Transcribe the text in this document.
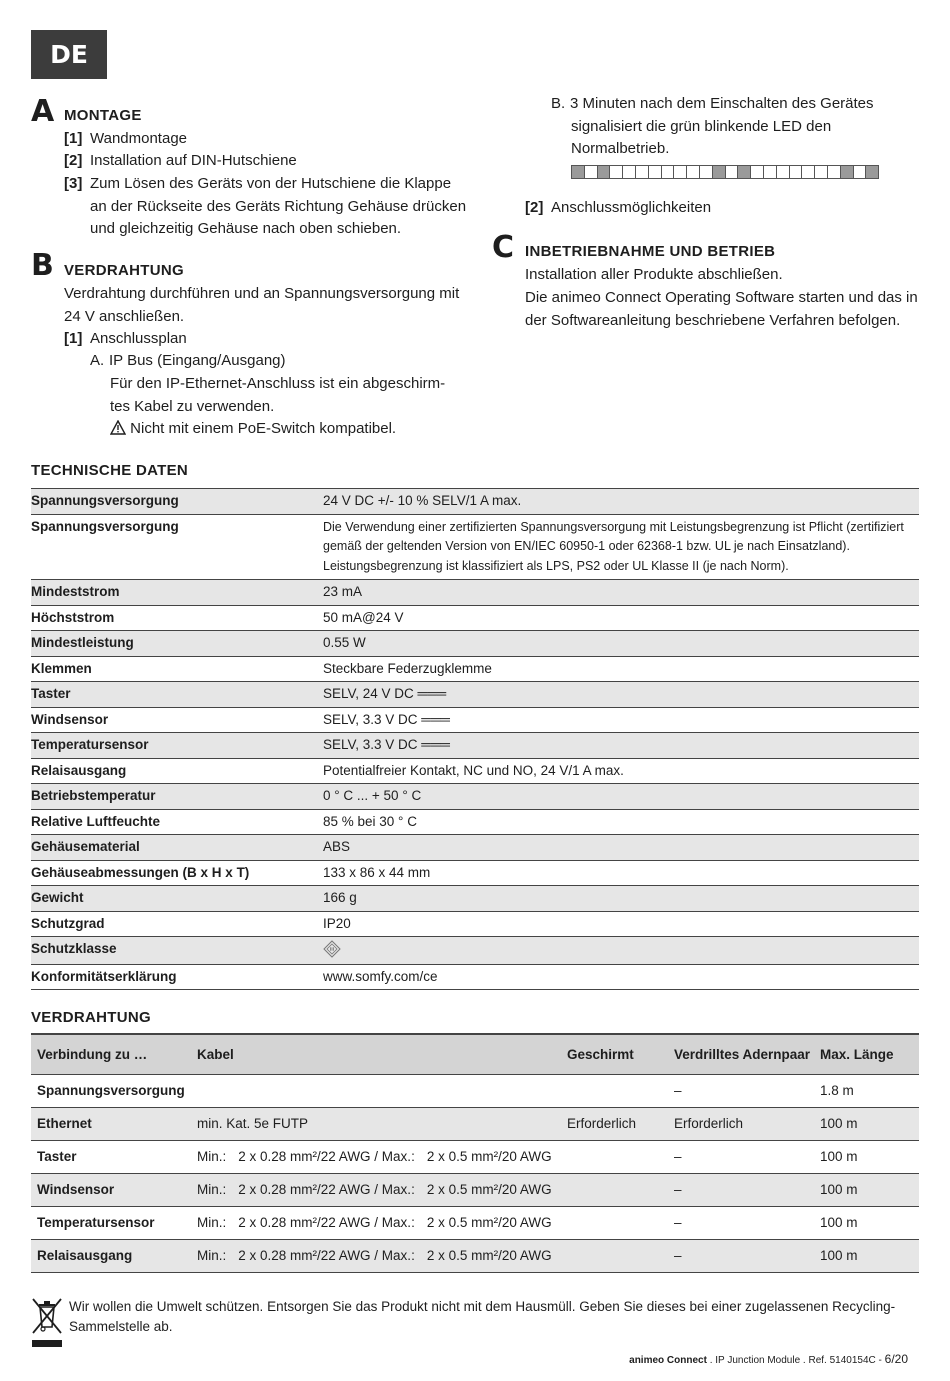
DE
A MONTAGE
[1] Wandmontage
[2] Installation auf DIN-Hutschiene
[3] Zum Lösen des Geräts von der Hutschiene die Klappe
an der Rückseite des Geräts Richtung Gehäuse drücken
und gleichzeitig Gehäuse nach oben schieben.
B VERDRAHTUNG
Verdrahtung durchführen und an Spannungsversorgung mit
24 V anschließen.
[1] Anschlussplan
A. IP Bus (Eingang/Ausgang)
Für den IP-Ethernet-Anschluss ist ein abgeschirm-
tes Kabel zu verwenden.
Nicht mit einem PoE-Switch kompatibel.
B. 3 Minuten nach dem Einschalten des Gerätes
signalisiert die grün blinkende LED den
Normalbetrieb.
[2] Anschlussmöglichkeiten
C INBETRIEBNAHME UND BETRIEB
Installation aller Produkte abschließen.
Die animeo Connect Operating Software starten und das in
der Softwareanleitung beschriebene Verfahren befolgen.
TECHNISCHE DATEN
Spannungsversorgung	24 V DC +/- 10 % SELV/1 A max.
Spannungsversorgung	Die Verwendung einer zertifizierten Spannungsversorgung mit Leistungsbegrenzung ist Pflicht (zertifiziert
gemäß der geltenden Version von EN/IEC 60950-1 oder 62368-1 bzw. UL je nach Einsatzland).
Leistungsbegrenzung ist klassifiziert als LPS, PS2 oder UL Klasse II (je nach Norm).

Mindeststrom	23 mA
Höchststrom	50 mA@24 V
Mindestleistung	0.55 W
Klemmen	Steckbare Federzugklemme
Taster	SELV, 24 V DC ═══
Windsensor	SELV, 3.3 V DC ═══
Temperatursensor	SELV, 3.3 V DC ═══
Relaisausgang	Potentialfreier Kontakt, NC und NO, 24 V/1 A max.
Betriebstemperatur	0 ° C ... + 50 ° C
Relative Luftfeuchte	85 % bei 30 ° C
Gehäusematerial	ABS
Gehäuseabmessungen (B x H x T)	133 x 86 x 44 mm
Gewicht	166 g
Schutzgrad	IP20
Schutzklasse	
Konformitätserklärung	www.somfy.com/ce
VERDRAHTUNG
Verbindung zu …	Kabel	Geschirmt	Verdrilltes Adernpaar	Max. Länge
Spannungsversorgung			–	1.8 m
Ethernet	min. Kat. 5e FUTP	Erforderlich	Erforderlich	100 m
Taster	Min.: 2 x 0.28 mm²/22 AWG / Max.: 2 x 0.5 mm²/20 AWG		–	100 m
Windsensor	Min.: 2 x 0.28 mm²/22 AWG / Max.: 2 x 0.5 mm²/20 AWG		–	100 m
Temperatursensor	Min.: 2 x 0.28 mm²/22 AWG / Max.: 2 x 0.5 mm²/20 AWG		–	100 m
Relaisausgang	Min.: 2 x 0.28 mm²/22 AWG / Max.: 2 x 0.5 mm²/20 AWG		–	100 m
Wir wollen die Umwelt schützen. Entsorgen Sie das Produkt nicht mit dem Hausmüll. Geben Sie dieses bei einer zugelassenen Recycling-
Sammelstelle ab.
animeo Connect . IP Junction Module . Ref. 5140154C - 6/20
